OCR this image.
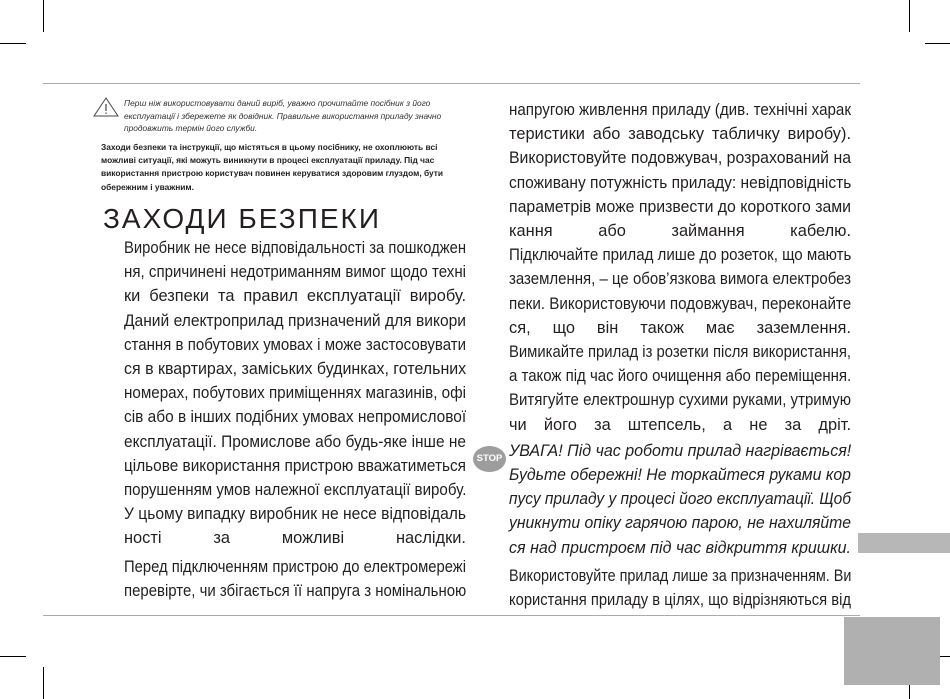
Перш ніж використовувати даний виріб, уважно прочитайте посібник з його
експлуатації і збережете як довідник. Правильне використання приладу значно
продовжить термін його служби.
Заходи безпеки та інструкції, що містяться в цьому посібнику, не охоплюють всі
можливі ситуації, які можуть виникнути в процесі експлуатації приладу. Під час
використання пристрою користувач повинен керуватися здоровим глуздом, бути
обережним і уважним.
ЗАХОДИ БЕЗПЕКИ

Виробник не несе відповідальності за пошкоджен
ня, спричинені недотриманням вимог щодо техні
ки безпеки та правил експлуатації виробу.

Даний електроприлад призначений для викори
стання в побутових умовах і може застосовувати
ся в квартирах, заміських будинках, готельних
номерах, побутових приміщеннях магазинів, офі
сів або в інших подібних умовах непромислової
експлуатації. Промислове або будь-яке інше не
цільове використання пристрою вважатиметься
порушенням умов належної експлуатації виробу.
У цьому випадку виробник не несе відповідаль
ності за можливі наслідки.

Перед підключенням пристрою до електромережі
перевірте, чи збігається її напруга з номінальною

STOP

напругою живлення приладу (див. технічні харак
теристики або заводську табличку виробу).

Використовуйте подовжувач, розрахований на
споживану потужність приладу: невідповідність
параметрів може призвести до короткого зами
кання або займання кабелю.

Підключайте прилад лише до розеток, що мають
заземлення, – це обов’язкова вимога електробез
пеки. Використовуючи подовжувач, переконайте
ся, що він також має заземлення.

Вимикайте прилад із розетки після використання,
а також під час його очищення або переміщення.

Витягуйте електрошнур сухими руками, утримую
чи його за штепсель, а не за дріт.

УВАГА! Під час роботи прилад нагрівається!
Будьте обережні! Не торкайтеся руками кор
пусу приладу у процесі його експлуатації. Щоб
уникнути опіку гарячою парою, не нахиляйте
ся над пристроєм під час відкриття кришки.

Використовуйте прилад лише за призначенням. Ви
користання приладу в цілях, що відрізняються від
